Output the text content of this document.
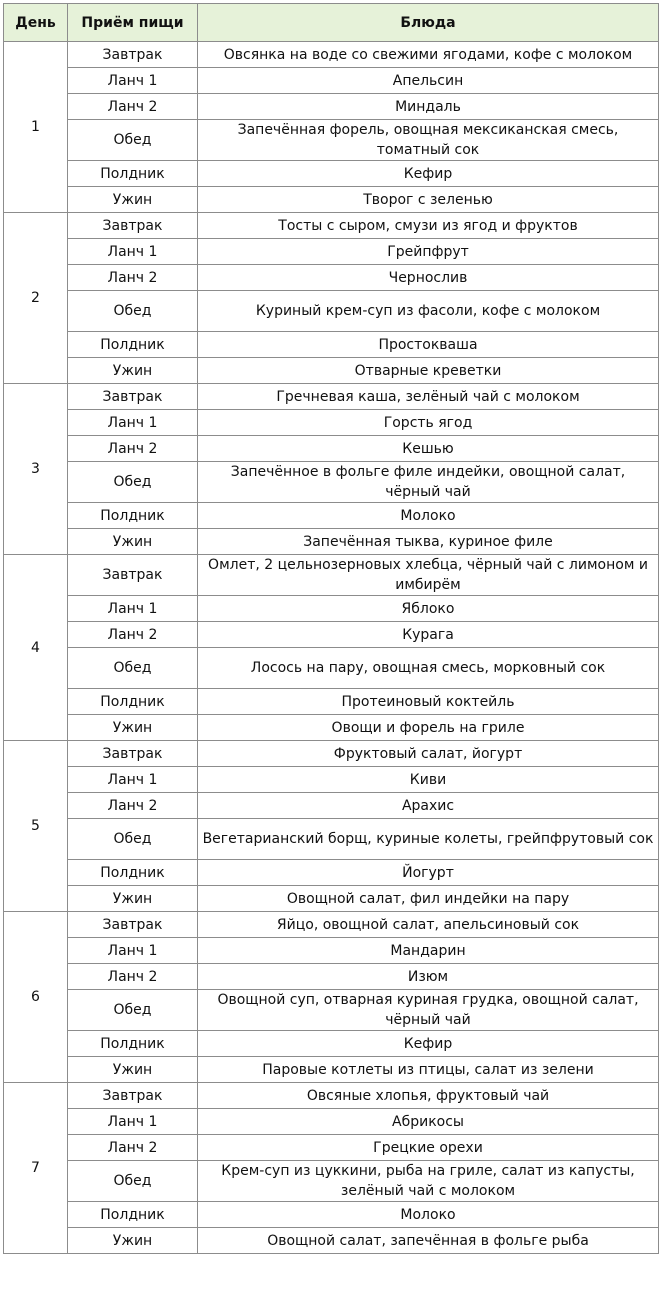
День	Приём пищи	Блюда
1	Завтрак	Овсянка на воде со свежими ягодами, кофе с молоком
	Ланч 1	Апельсин
	Ланч 2	Миндаль
	Обед	Запечённая форель, овощная мексиканская смесь, томатный сок
	Полдник	Кефир
	Ужин	Творог с зеленью
2	Завтрак	Тосты с сыром, смузи из ягод и фруктов
	Ланч 1	Грейпфрут
	Ланч 2	Чернослив
	Обед	Куриный крем-суп из фасоли, кофе с молоком
	Полдник	Простокваша
	Ужин	Отварные креветки
3	Завтрак	Гречневая каша, зелёный чай с молоком
	Ланч 1	Горсть ягод
	Ланч 2	Кешью
	Обед	Запечённое в фольге филе индейки, овощной салат, чёрный чай
	Полдник	Молоко
	Ужин	Запечённая тыква, куриное филе
4	Завтрак	Омлет, 2 цельнозерновых хлебца, чёрный чай с лимоном и имбирём
	Ланч 1	Яблоко
	Ланч 2	Курага
	Обед	Лосось на пару, овощная смесь, морковный сок
	Полдник	Протеиновый коктейль
	Ужин	Овощи и форель на гриле
5	Завтрак	Фруктовый салат, йогурт
	Ланч 1	Киви
	Ланч 2	Арахис
	Обед	Вегетарианский борщ, куриные колеты, грейпфрутовый сок
	Полдник	Йогурт
	Ужин	Овощной салат, фил индейки на пару
6	Завтрак	Яйцо, овощной салат, апельсиновый сок
	Ланч 1	Мандарин
	Ланч 2	Изюм
	Обед	Овощной суп, отварная куриная грудка, овощной салат, чёрный чай
	Полдник	Кефир
	Ужин	Паровые котлеты из птицы, салат из зелени
7	Завтрак	Овсяные хлопья, фруктовый чай
	Ланч 1	Абрикосы
	Ланч 2	Грецкие орехи
	Обед	Крем-суп из цуккини, рыба на гриле, салат из капусты, зелёный чай с молоком
	Полдник	Молоко
	Ужин	Овощной салат, запечённая в фольге рыба
